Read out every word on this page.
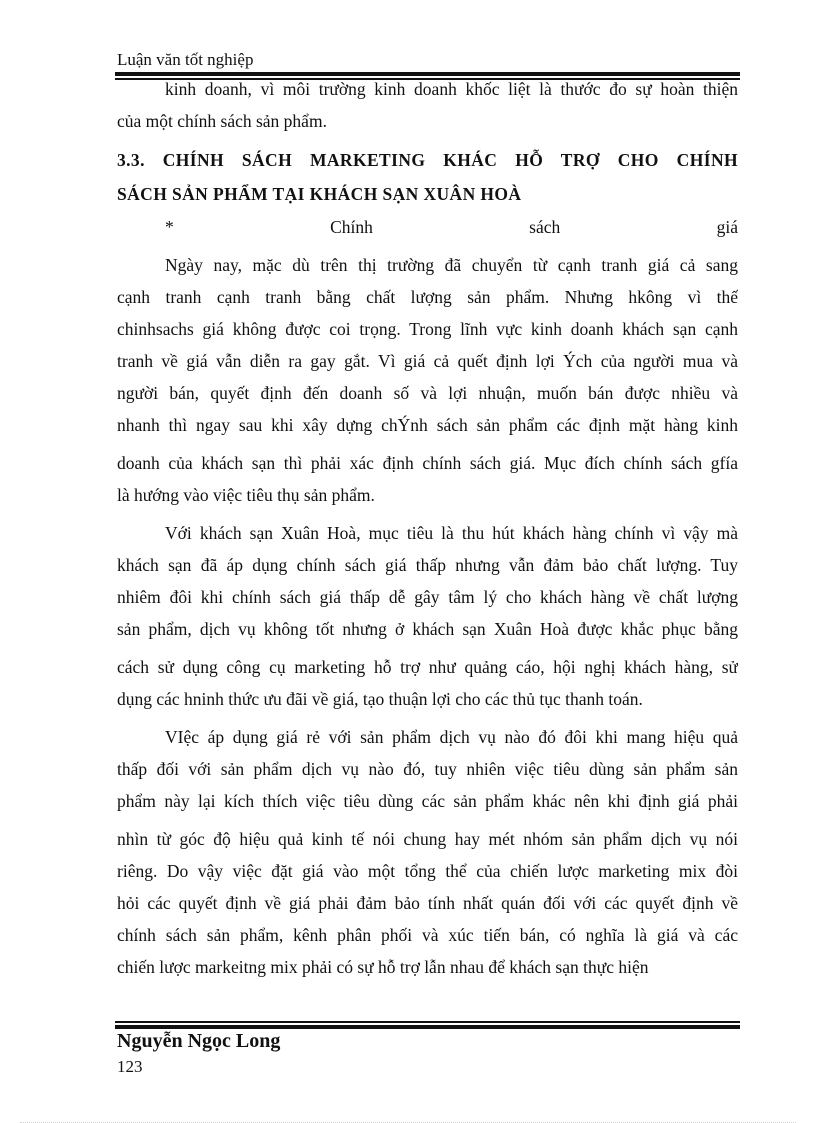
Luận văn tốt nghiệp
kinh doanh, vì môi trường kinh doanh khốc liệt là thước đo sự hoàn thiện
của một chính sách sản phẩm.
3.3. CHÍNH SÁCH MARKETING KHÁC HỖ TRỢ CHO CHÍNH
SÁCH SẢN PHẨM TẠI KHÁCH SẠN XUÂN HOÀ
*	Chính	sách	giá
Ngày nay, mặc dù trên thị trường đã chuyển từ cạnh tranh giá cả sang
cạnh tranh cạnh tranh bằng chất lượng sản phẩm. Nhưng hkông vì thế
chinhsachs giá không được coi trọng. Trong lĩnh vực kinh doanh khách sạn cạnh
tranh về giá vẫn diễn ra gay gắt. Vì giá cả quết định lợi Ých của người mua và
người bán, quyết định đến doanh số và lợi nhuận, muốn bán được nhiều và
nhanh thì ngay sau khi xây dựng chÝnh sách sản phẩm các định mặt hàng kinh
doanh của khách sạn thì phải xác định chính sách giá. Mục đích chính sách gfía
là hướng vào việc tiêu thụ sản phẩm.
Với khách sạn Xuân Hoà, mục tiêu là thu hút khách hàng chính vì vậy mà
khách sạn đã áp dụng chính sách giá thấp nhưng vẫn đảm bảo chất lượng. Tuy
nhiêm đôi khi chính sách giá thấp dễ gây tâm lý cho khách hàng về chất lượng
sản phẩm, dịch vụ không tốt nhưng ở khách sạn Xuân Hoà được khắc phục bằng
cách sử dụng công cụ marketing hỗ trợ như quảng cáo, hội nghị khách hàng, sử
dụng các hninh thức ưu đãi về giá, tạo thuận lợi cho các thủ tục thanh toán.
VIệc áp dụng giá rẻ với sản phẩm dịch vụ nào đó đôi khi mang hiệu quả
thấp đối với sản phẩm dịch vụ nào đó, tuy nhiên việc tiêu dùng sản phẩm sản
phẩm này lại kích thích việc tiêu dùng các sản phẩm khác nên khi định giá phải
nhìn từ góc độ hiệu quả kinh tế nói chung hay mét nhóm sản phẩm dịch vụ nói
riêng. Do vậy việc đặt giá vào một tổng thể của chiến lược marketing mix đòi
hỏi các quyết định về giá phải đảm bảo tính nhất quán đối với các quyết định về
chính sách sản phẩm, kênh phân phối và xúc tiến bán, có nghĩa là giá và các
chiến lược markeitng mix phải có sự hỗ trợ lẫn nhau để khách sạn thực hiện
Nguyễn Ngọc Long
123
